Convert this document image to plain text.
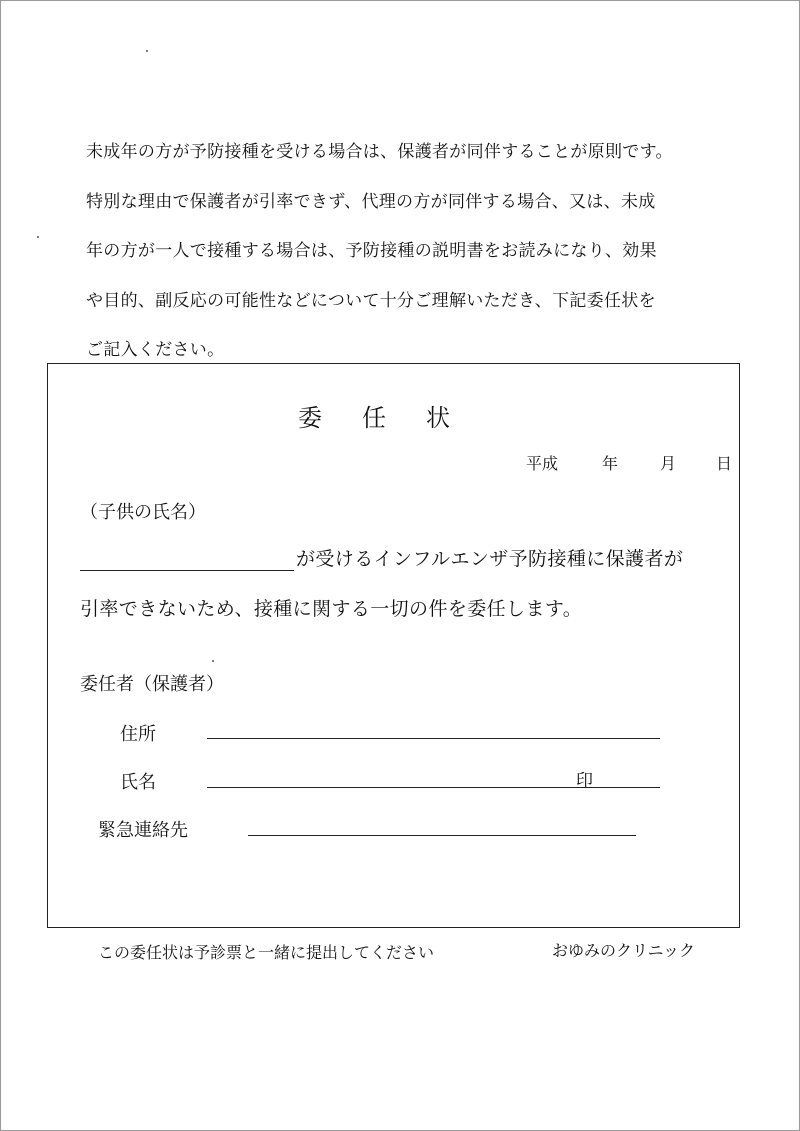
未成年の方が予防接種を受ける場合は、保護者が同伴することが原則です。
特別な理由で保護者が引率できず、代理の方が同伴する場合、又は、未成
年の方が一人で接種する場合は、予防接種の説明書をお読みになり、効果
や目的、副反応の可能性などについて十分ご理解いただき、下記委任状を
ご記入ください。
委任状
平成	年	月 日
（子供の氏名）
が受けるインフルエンザ予防接種に保護者が
引率できないため、接種に関する一切の件を委任します。
委任者（保護者）
住所
氏名	印
緊急連絡先
この委任状は予診票と一緒に提出してください	おゆみのクリニック
